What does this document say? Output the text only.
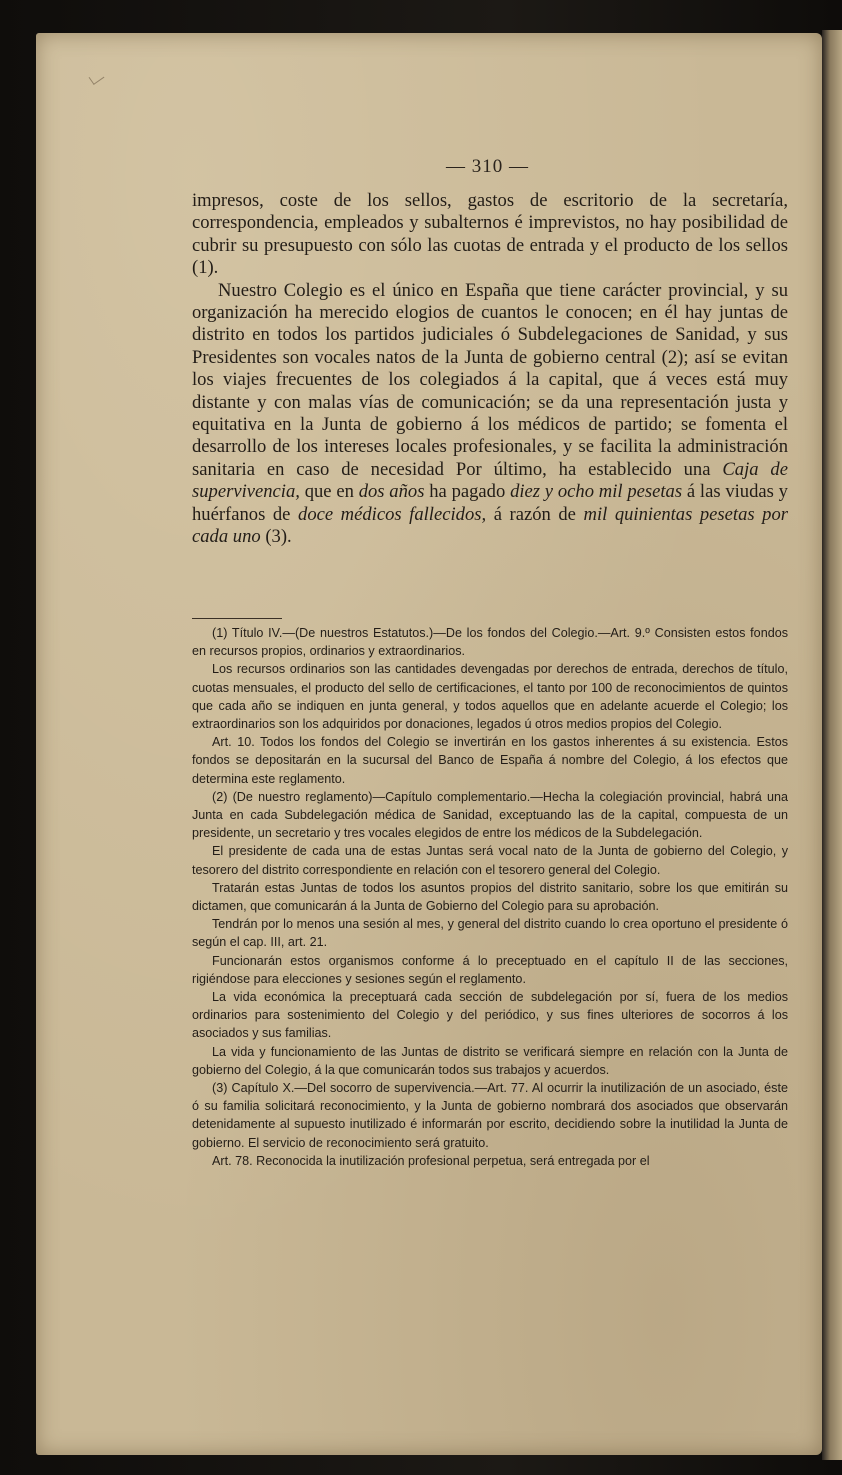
— 310 —

impresos, coste de los sellos, gastos de escritorio de la secretaría, correspondencia, empleados y subalternos é imprevistos, no hay posibilidad de cubrir su presupuesto con sólo las cuotas de entrada y el producto de los sellos (1).

Nuestro Colegio es el único en España que tiene carácter provincial, y su organización ha merecido elogios de cuantos le conocen; en él hay juntas de distrito en todos los partidos judiciales ó Subdelegaciones de Sanidad, y sus Presidentes son vocales natos de la Junta de gobierno central (2); así se evitan los viajes frecuentes de los colegiados á la capital, que á veces está muy distante y con malas vías de comunicación; se da una representación justa y equitativa en la Junta de gobierno á los médicos de partido; se fomenta el desarrollo de los intereses locales profesionales, y se facilita la administración sanitaria en caso de necesidad Por último, ha establecido una Caja de supervivencia, que en dos años ha pagado diez y ocho mil pesetas á las viudas y huérfanos de doce médicos fallecidos, á razón de mil quinientas pesetas por cada uno (3).

(1) Título IV.—(De nuestros Estatutos.)—De los fondos del Colegio.—Art. 9.º Consisten estos fondos en recursos propios, ordinarios y extraordinarios.

Los recursos ordinarios son las cantidades devengadas por derechos de entrada, derechos de título, cuotas mensuales, el producto del sello de certificaciones, el tanto por 100 de reconocimientos de quintos que cada año se indiquen en junta general, y todos aquellos que en adelante acuerde el Colegio; los extraordinarios son los adquiridos por donaciones, legados ú otros medios propios del Colegio.

Art. 10. Todos los fondos del Colegio se invertirán en los gastos inherentes á su existencia. Estos fondos se depositarán en la sucursal del Banco de España á nombre del Colegio, á los efectos que determina este reglamento.

(2) (De nuestro reglamento)—Capítulo complementario.—Hecha la colegiación provincial, habrá una Junta en cada Subdelegación médica de Sanidad, exceptuando las de la capital, compuesta de un presidente, un secretario y tres vocales elegidos de entre los médicos de la Subdelegación.

El presidente de cada una de estas Juntas será vocal nato de la Junta de gobierno del Colegio, y tesorero del distrito correspondiente en relación con el tesorero general del Colegio.

Tratarán estas Juntas de todos los asuntos propios del distrito sanitario, sobre los que emitirán su dictamen, que comunicarán á la Junta de Gobierno del Colegio para su aprobación.

Tendrán por lo menos una sesión al mes, y general del distrito cuando lo crea oportuno el presidente ó según el cap. III, art. 21.

Funcionarán estos organismos conforme á lo preceptuado en el capítulo II de las secciones, rigiéndose para elecciones y sesiones según el reglamento.

La vida económica la preceptuará cada sección de subdelegación por sí, fuera de los medios ordinarios para sostenimiento del Colegio y del periódico, y sus fines ulteriores de socorros á los asociados y sus familias.

La vida y funcionamiento de las Juntas de distrito se verificará siempre en relación con la Junta de gobierno del Colegio, á la que comunicarán todos sus trabajos y acuerdos.

(3) Capítulo X.—Del socorro de supervivencia.—Art. 77. Al ocurrir la inutilización de un asociado, éste ó su familia solicitará reconocimiento, y la Junta de gobierno nombrará dos asociados que observarán detenidamente al supuesto inutilizado é informarán por escrito, decidiendo sobre la inutilidad la Junta de gobierno. El servicio de reconocimiento será gratuito.

Art. 78. Reconocida la inutilización profesional perpetua, será entregada por el
